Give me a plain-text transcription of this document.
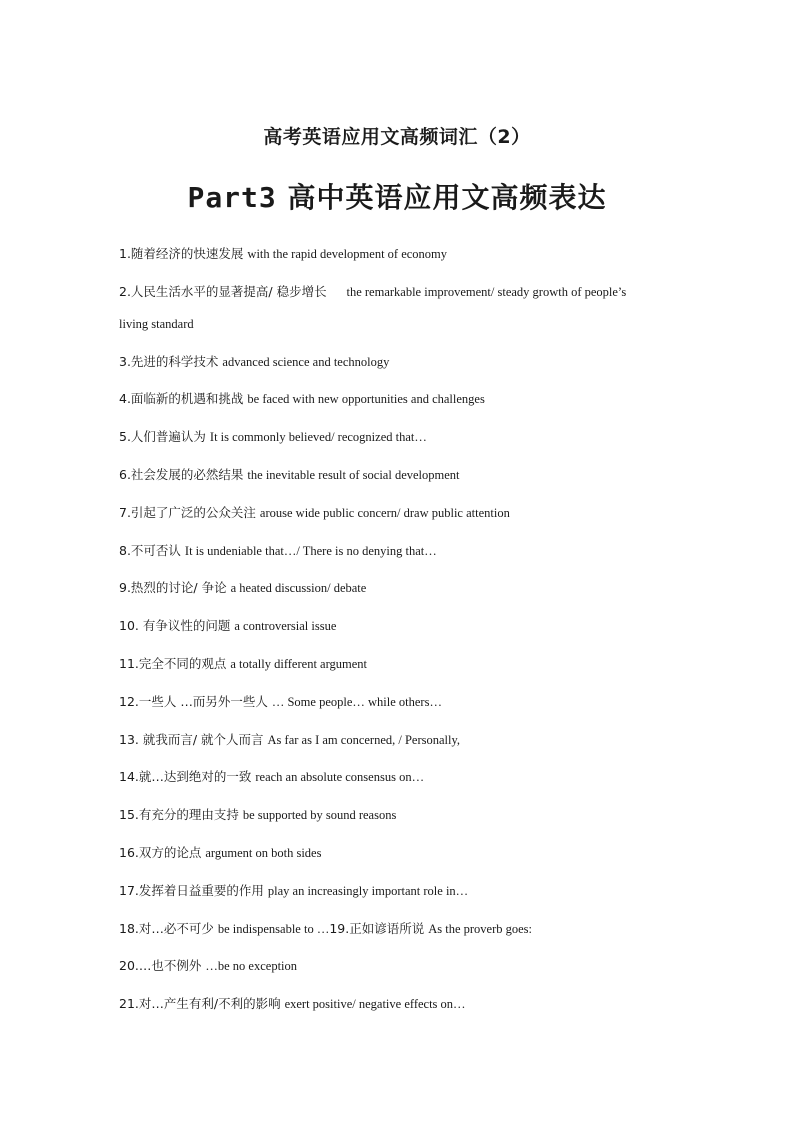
高考英语应用文高频词汇（2）
Part3 高中英语应用文高频表达
1.随着经济的快速发展 with the rapid development of economy
2.人民生活水平的显著提高/ 稳步增长 the remarkable improvement/ steady growth of people’s living standard
3.先进的科学技术 advanced science and technology
4.面临新的机遇和挑战 be faced with new opportunities and challenges
5.人们普遍认为 It is commonly believed/ recognized that…
6.社会发展的必然结果 the inevitable result of social development
7.引起了广泛的公众关注 arouse wide public concern/ draw public attention
8.不可否认 It is undeniable that…/ There is no denying that…
9.热烈的讨论/ 争论 a heated discussion/ debate
10. 有争议性的问题 a controversial issue
11.完全不同的观点 a totally different argument
12.一些人 …而另外一些人 … Some people… while others…
13. 就我而言/ 就个人而言 As far as I am concerned, / Personally,
14.就…达到绝对的一致 reach an absolute consensus on…
15.有充分的理由支持 be supported by sound reasons
16.双方的论点 argument on both sides
17.发挥着日益重要的作用 play an increasingly important role in…
18.对…必不可少 be indispensable to …19.正如谚语所说 As the proverb goes:
20.…也不例外 …be no exception
21.对…产生有利/不利的影响 exert positive/ negative effects on…
